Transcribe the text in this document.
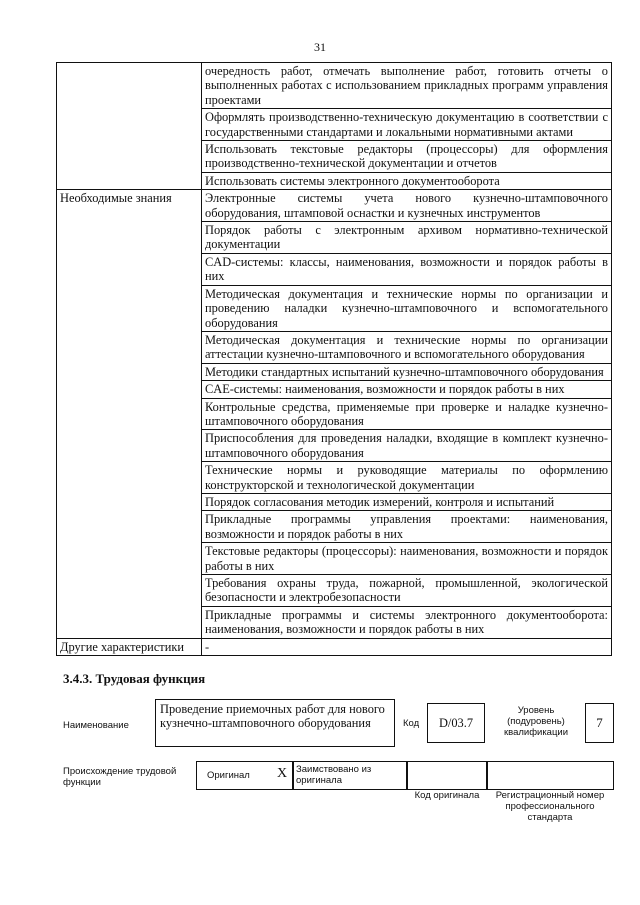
31
	очередность работ, отмечать выполнение работ, готовить отчеты о выполненных работах с использованием прикладных программ управления проектами
	Оформлять производственно-техническую документацию в соответствии с государственными стандартами и локальными нормативными актами
	Использовать текстовые редакторы (процессоры) для оформления производственно-технической документации и отчетов
	Использовать системы электронного документооборота
Необходимые знания	Электронные системы учета нового кузнечно-штамповочного оборудования, штамповой оснастки и кузнечных инструментов
	Порядок работы с электронным архивом нормативно-технической документации
	CAD-системы: классы, наименования, возможности и порядок работы в них
	Методическая документация и технические нормы по организации и проведению наладки кузнечно-штамповочного и вспомогательного оборудования
	Методическая документация и технические нормы по организации аттестации кузнечно-штамповочного и вспомогательного оборудования
	Методики стандартных испытаний кузнечно-штамповочного оборудования
	CAE-системы: наименования, возможности и порядок работы в них
	Контрольные средства, применяемые при проверке и наладке кузнечно-штамповочного оборудования
	Приспособления для проведения наладки, входящие в комплект кузнечно-штамповочного оборудования
	Технические нормы и руководящие материалы по оформлению конструкторской и технологической документации
	Порядок согласования методик измерений, контроля и испытаний
	Прикладные программы управления проектами: наименования, возможности и порядок работы в них
	Текстовые редакторы (процессоры): наименования, возможности и порядок работы в них
	Требования охраны труда, пожарной, промышленной, экологической безопасности и электробезопасности
	Прикладные программы и системы электронного документооборота: наименования, возможности и порядок работы в них
Другие характеристики	-
3.4.3. Трудовая функция
Наименование
Проведение приемочных работ для нового кузнечно-штамповочного оборудования	Код	D/03.7
Уровень (подуровень) квалификации
7
Происхождение трудовой функции
Оригинал X Заимствовано из оригинала
Код оригинала	Регистрационный номер профессионального стандарта
